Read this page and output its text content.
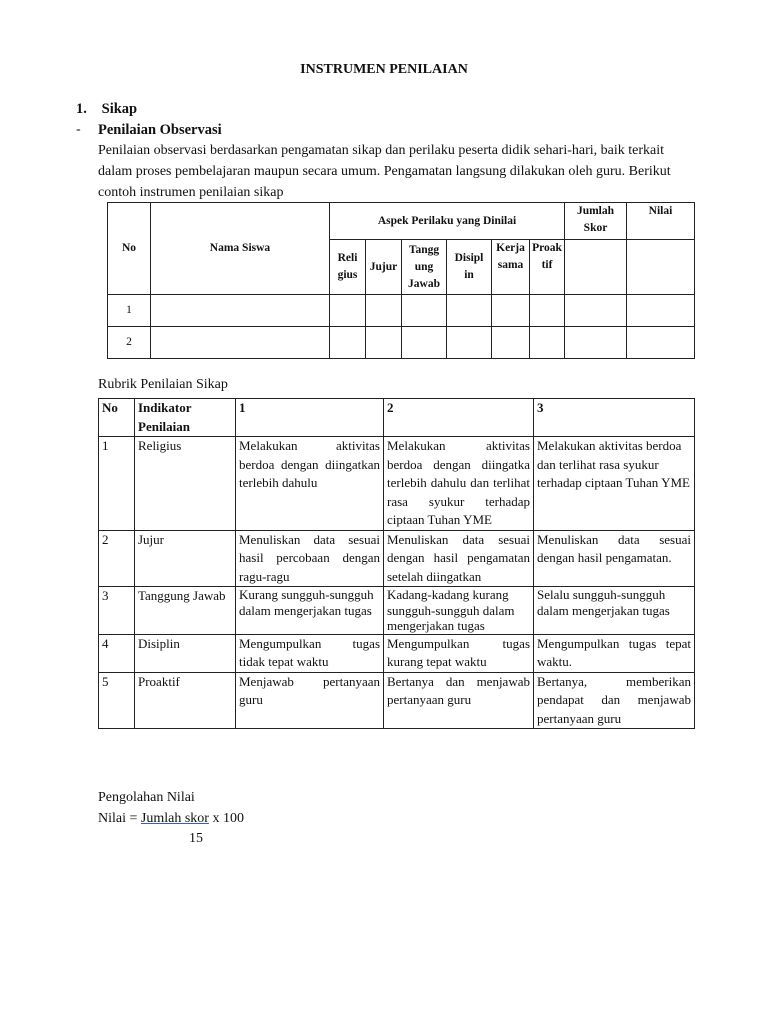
INSTRUMEN PENILAIAN
1. Sikap
- Penilaian Observasi
Penilaian observasi berdasarkan pengamatan sikap dan perilaku peserta didik sehari-hari, baik terkait
dalam proses pembelajaran maupun secara umum. Pengamatan langsung dilakukan oleh guru. Berikut
contoh instrumen penilaian sikap
No	Nama Siswa	Aspek Perilaku yang Dinilai						Jumlah Skor	Nilai
		Reli gius	Jujur	Tangg ung Jawab	Disipl in	Kerja sama	Proak tif		
1									
2									
Rubrik Penilaian Sikap
No	Indikator Penilaian	1	2	3
1	Religius	Melakukan aktivitas berdoa dengan diingatkan terlebih dahulu	Melakukan aktivitas berdoa dengan diingatka terlebih dahulu dan terlihat rasa syukur terhadap ciptaan Tuhan YME	Melakukan aktivitas berdoa dan terlihat rasa syukur terhadap ciptaan Tuhan YME
2	Jujur	Menuliskan data sesuai hasil percobaan dengan ragu-ragu	Menuliskan data sesuai dengan hasil pengamatan setelah diingatkan	Menuliskan data sesuai dengan hasil pengamatan.
3	Tanggung Jawab	Kurang sungguh-sungguh dalam mengerjakan tugas	Kadang-kadang kurang sungguh-sungguh dalam mengerjakan tugas	Selalu sungguh-sungguh dalam mengerjakan tugas
4	Disiplin	Mengumpulkan tugas tidak tepat waktu	Mengumpulkan tugas kurang tepat waktu	Mengumpulkan tugas tepat waktu.
5	Proaktif	Menjawab pertanyaan guru	Bertanya dan menjawab pertanyaan guru	Bertanya, memberikan pendapat dan menjawab pertanyaan guru
Pengolahan Nilai
Nilai = Jumlah skor x 100
15
